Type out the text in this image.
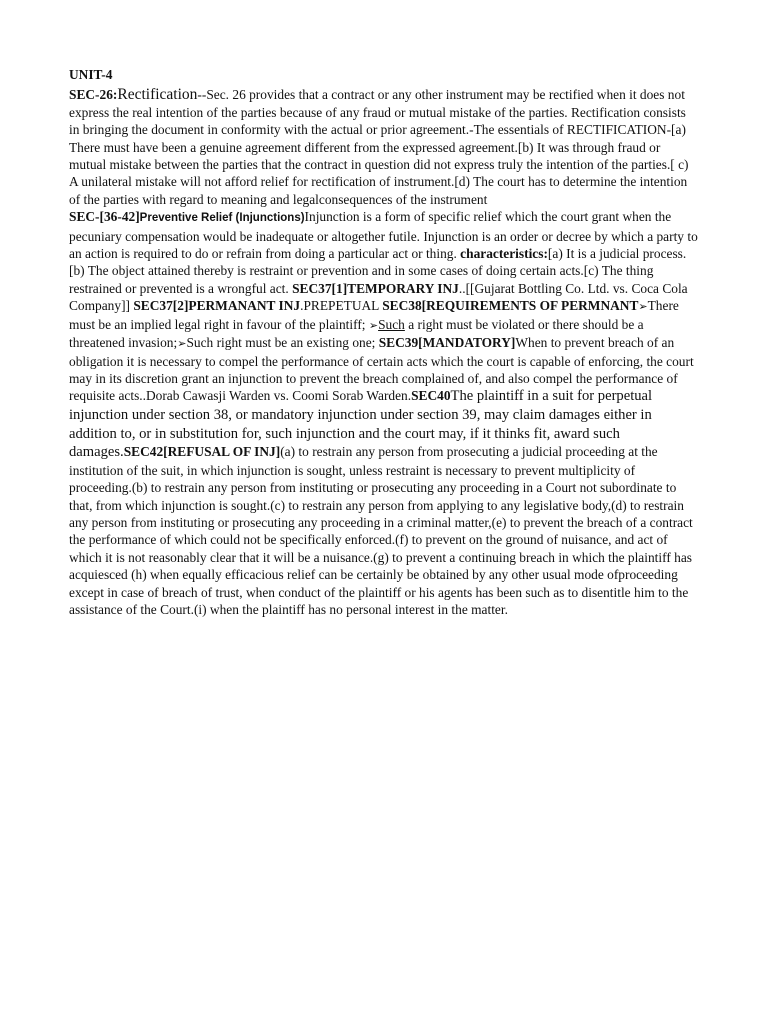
UNIT-4

SEC-26:Rectification--Sec. 26 provides that a contract or any other instrument may be rectified when it does not express the real intention of the parties because of any fraud or mutual mistake of the parties. Rectification consists in bringing the document in conformity with the actual or prior agreement.-The essentials of RECTIFICATION-[a) There must have been a genuine agreement different from the expressed agreement.[b) It was through fraud or mutual mistake between the parties that the contract in question did not express truly the intention of the parties.[ c) A unilateral mistake will not afford relief for rectification of instrument.[d) The court has to determine the intention of the parties with regard to meaning and legalconsequences of the instrument
SEC-[36-42]Preventive Relief (Injunctions)Injunction is a form of specific relief which the court grant when the pecuniary compensation would be inadequate or altogether futile. Injunction is an order or decree by which a party to an action is required to do or refrain from doing a particular act or thing. characteristics:[a) It is a judicial process.[b) The object attained thereby is restraint or prevention and in some cases of doing certain acts.[c) The thing restrained or prevented is a wrongful act. SEC37[1]TEMPORARY INJ..[[Gujarat Bottling Co. Ltd. vs. Coca Cola Company]] SEC37[2]PERMANANT INJ.PREPETUAL SEC38[REQUIREMENTS OF PERMNANT➢There must be an implied legal right in favour of the plaintiff; ➢Such a right must be violated or there should be a threatened invasion;➢Such right must be an existing one; SEC39[MANDATORY]When to prevent breach of an obligation it is necessary to compel the performance of certain acts which the court is capable of enforcing, the court may in its discretion grant an injunction to prevent the breach complained of, and also compel the performance of requisite acts..Dorab Cawasji Warden vs. Coomi Sorab Warden.SEC40The plaintiff in a suit for perpetual injunction under section 38, or mandatory injunction under section 39, may claim damages either in addition to, or in substitution for, such injunction and the court may, if it thinks fit, award such damages.SEC42[REFUSAL OF INJ](a) to restrain any person from prosecuting a judicial proceeding at the institution of the suit, in which injunction is sought, unless restraint is necessary to prevent multiplicity of proceeding.(b) to restrain any person from instituting or prosecuting any proceeding in a Court not subordinate to that, from which injunction is sought.(c) to restrain any person from applying to any legislative body,(d) to restrain any person from instituting or prosecuting any proceeding in a criminal matter,(e) to prevent the breach of a contract the performance of which could not be specifically enforced.(f) to prevent on the ground of nuisance, and act of which it is not reasonably clear that it will be a nuisance.(g) to prevent a continuing breach in which the plaintiff has acquiesced (h) when equally efficacious relief can be certainly be obtained by any other usual mode ofproceeding except in case of breach of trust, when conduct of the plaintiff or his agents has been such as to disentitle him to the assistance of the Court.(i) when the plaintiff has no personal interest in the matter.
